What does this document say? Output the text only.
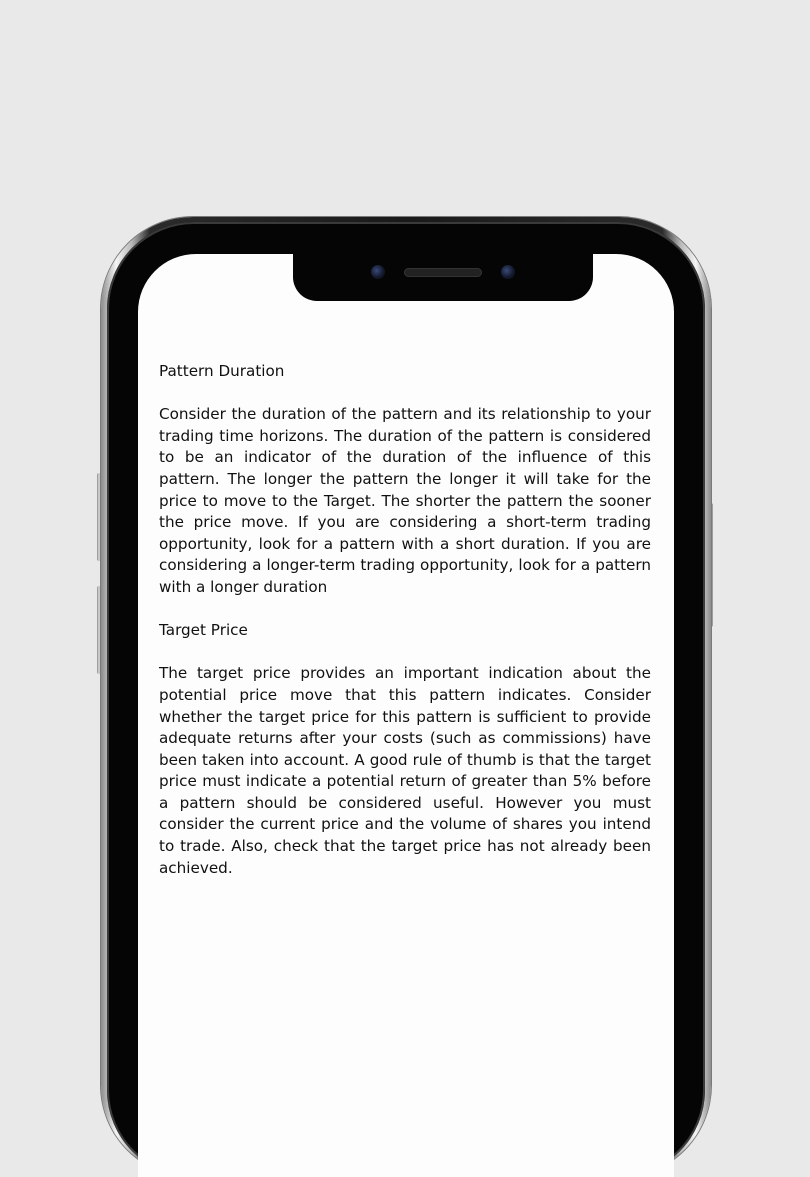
Pattern Duration

Consider the duration of the pattern and its relationship to your trading time horizons. The duration of the pattern is considered to be an indicator of the duration of the influence of this pattern. The longer the pattern the longer it will take for the price to move to the Target. The shorter the pattern the sooner the price move. If you are considering a short-term trading opportunity, look for a pattern with a short duration. If you are considering a longer-term trading opportunity, look for a pattern with a longer duration

Target Price

The target price provides an important indication about the potential price move that this pattern indicates. Consider whether the target price for this pattern is sufficient to provide adequate returns after your costs (such as commissions) have been taken into account. A good rule of thumb is that the target price must indicate a potential return of greater than 5% before a pattern should be considered useful. However you must consider the current price and the volume of shares you intend to trade. Also, check that the target price has not already been achieved.
